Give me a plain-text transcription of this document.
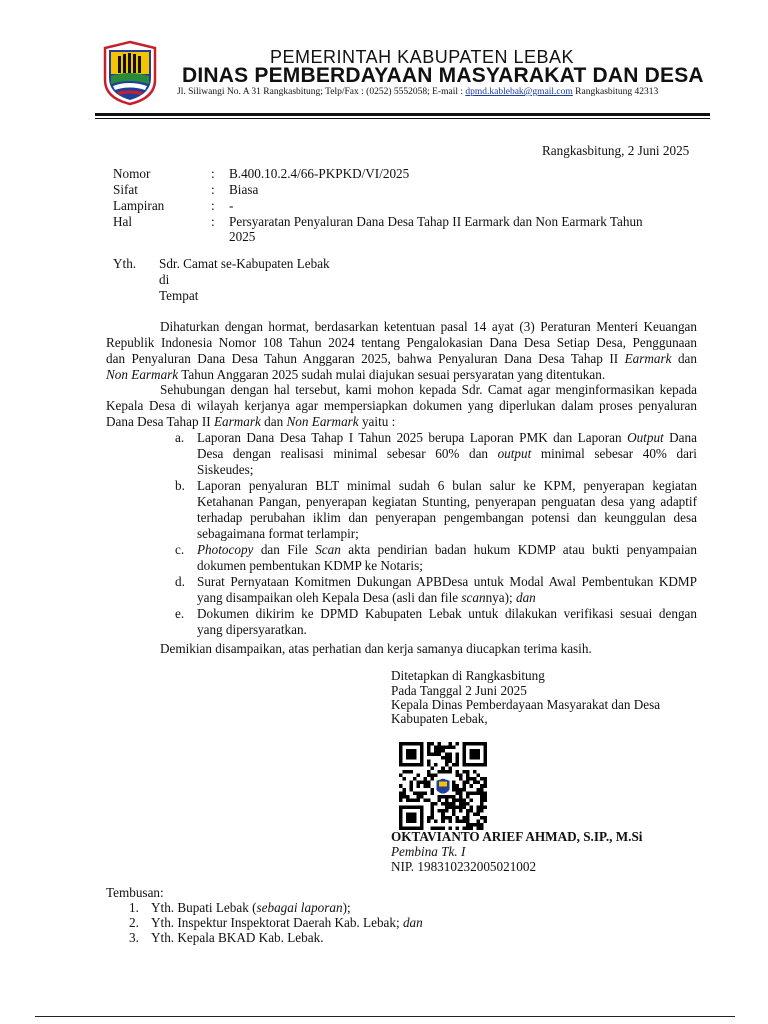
PEMERINTAH KABUPATEN LEBAK
DINAS PEMBERDAYAAN MASYARAKAT DAN DESA
Jl. Siliwangi No. A 31 Rangkasbitung; Telp/Fax : (0252) 5552058; E-mail : dpmd.kablebak@gmail.com Rangkasbitung 42313
Rangkasbitung, 2 Juni 2025
Nomor	: B.400.10.2.4/66-PKPKD/VI/2025
Sifat	: Biasa
Lampiran	: -
Hal	: Persyaratan Penyaluran Dana Desa Tahap II Earmark dan Non Earmark Tahun
2025
Yth. Sdr. Camat se-Kabupaten Lebak
di
Tempat
Dihaturkan dengan hormat, berdasarkan ketentuan pasal 14 ayat (3) Peraturan Menteri Keuangan
Republik Indonesia Nomor 108 Tahun 2024 tentang Pengalokasian Dana Desa Setiap Desa, Penggunaan
dan Penyaluran Dana Desa Tahun Anggaran 2025, bahwa Penyaluran Dana Desa Tahap II Earmark dan
Non Earmark Tahun Anggaran 2025 sudah mulai diajukan sesuai persyaratan yang ditentukan.
Sehubungan dengan hal tersebut, kami mohon kepada Sdr. Camat agar menginformasikan kepada
Kepala Desa di wilayah kerjanya agar mempersiapkan dokumen yang diperlukan dalam proses penyaluran
Dana Desa Tahap II Earmark dan Non Earmark yaitu :
a. Laporan Dana Desa Tahap I Tahun 2025 berupa Laporan PMK dan Laporan Output Dana
Desa dengan realisasi minimal sebesar 60% dan output minimal sebesar 40% dari
Siskeudes;
b. Laporan penyaluran BLT minimal sudah 6 bulan salur ke KPM, penyerapan kegiatan
Ketahanan Pangan, penyerapan kegiatan Stunting, penyerapan penguatan desa yang adaptif
terhadap perubahan iklim dan penyerapan pengembangan potensi dan keunggulan desa
sebagaimana format terlampir;
c. Photocopy dan File Scan akta pendirian badan hukum KDMP atau bukti penyampaian
dokumen pembentukan KDMP ke Notaris;
d. Surat Pernyataan Komitmen Dukungan APBDesa untuk Modal Awal Pembentukan KDMP
yang disampaikan oleh Kepala Desa (asli dan file scannya); dan
e. Dokumen dikirim ke DPMD Kabupaten Lebak untuk dilakukan verifikasi sesuai dengan
yang dipersyaratkan.
Demikian disampaikan, atas perhatian dan kerja samanya diucapkan terima kasih.
Ditetapkan di Rangkasbitung
Pada Tanggal 2 Juni 2025
Kepala Dinas Pemberdayaan Masyarakat dan Desa
Kabupaten Lebak,
OKTAVIANTO ARIEF AHMAD, S.IP., M.Si
Pembina Tk. I
NIP. 198310232005021002
Tembusan:
1. Yth. Bupati Lebak (sebagai laporan);
2. Yth. Inspektur Inspektorat Daerah Kab. Lebak; dan
3. Yth. Kepala BKAD Kab. Lebak.
